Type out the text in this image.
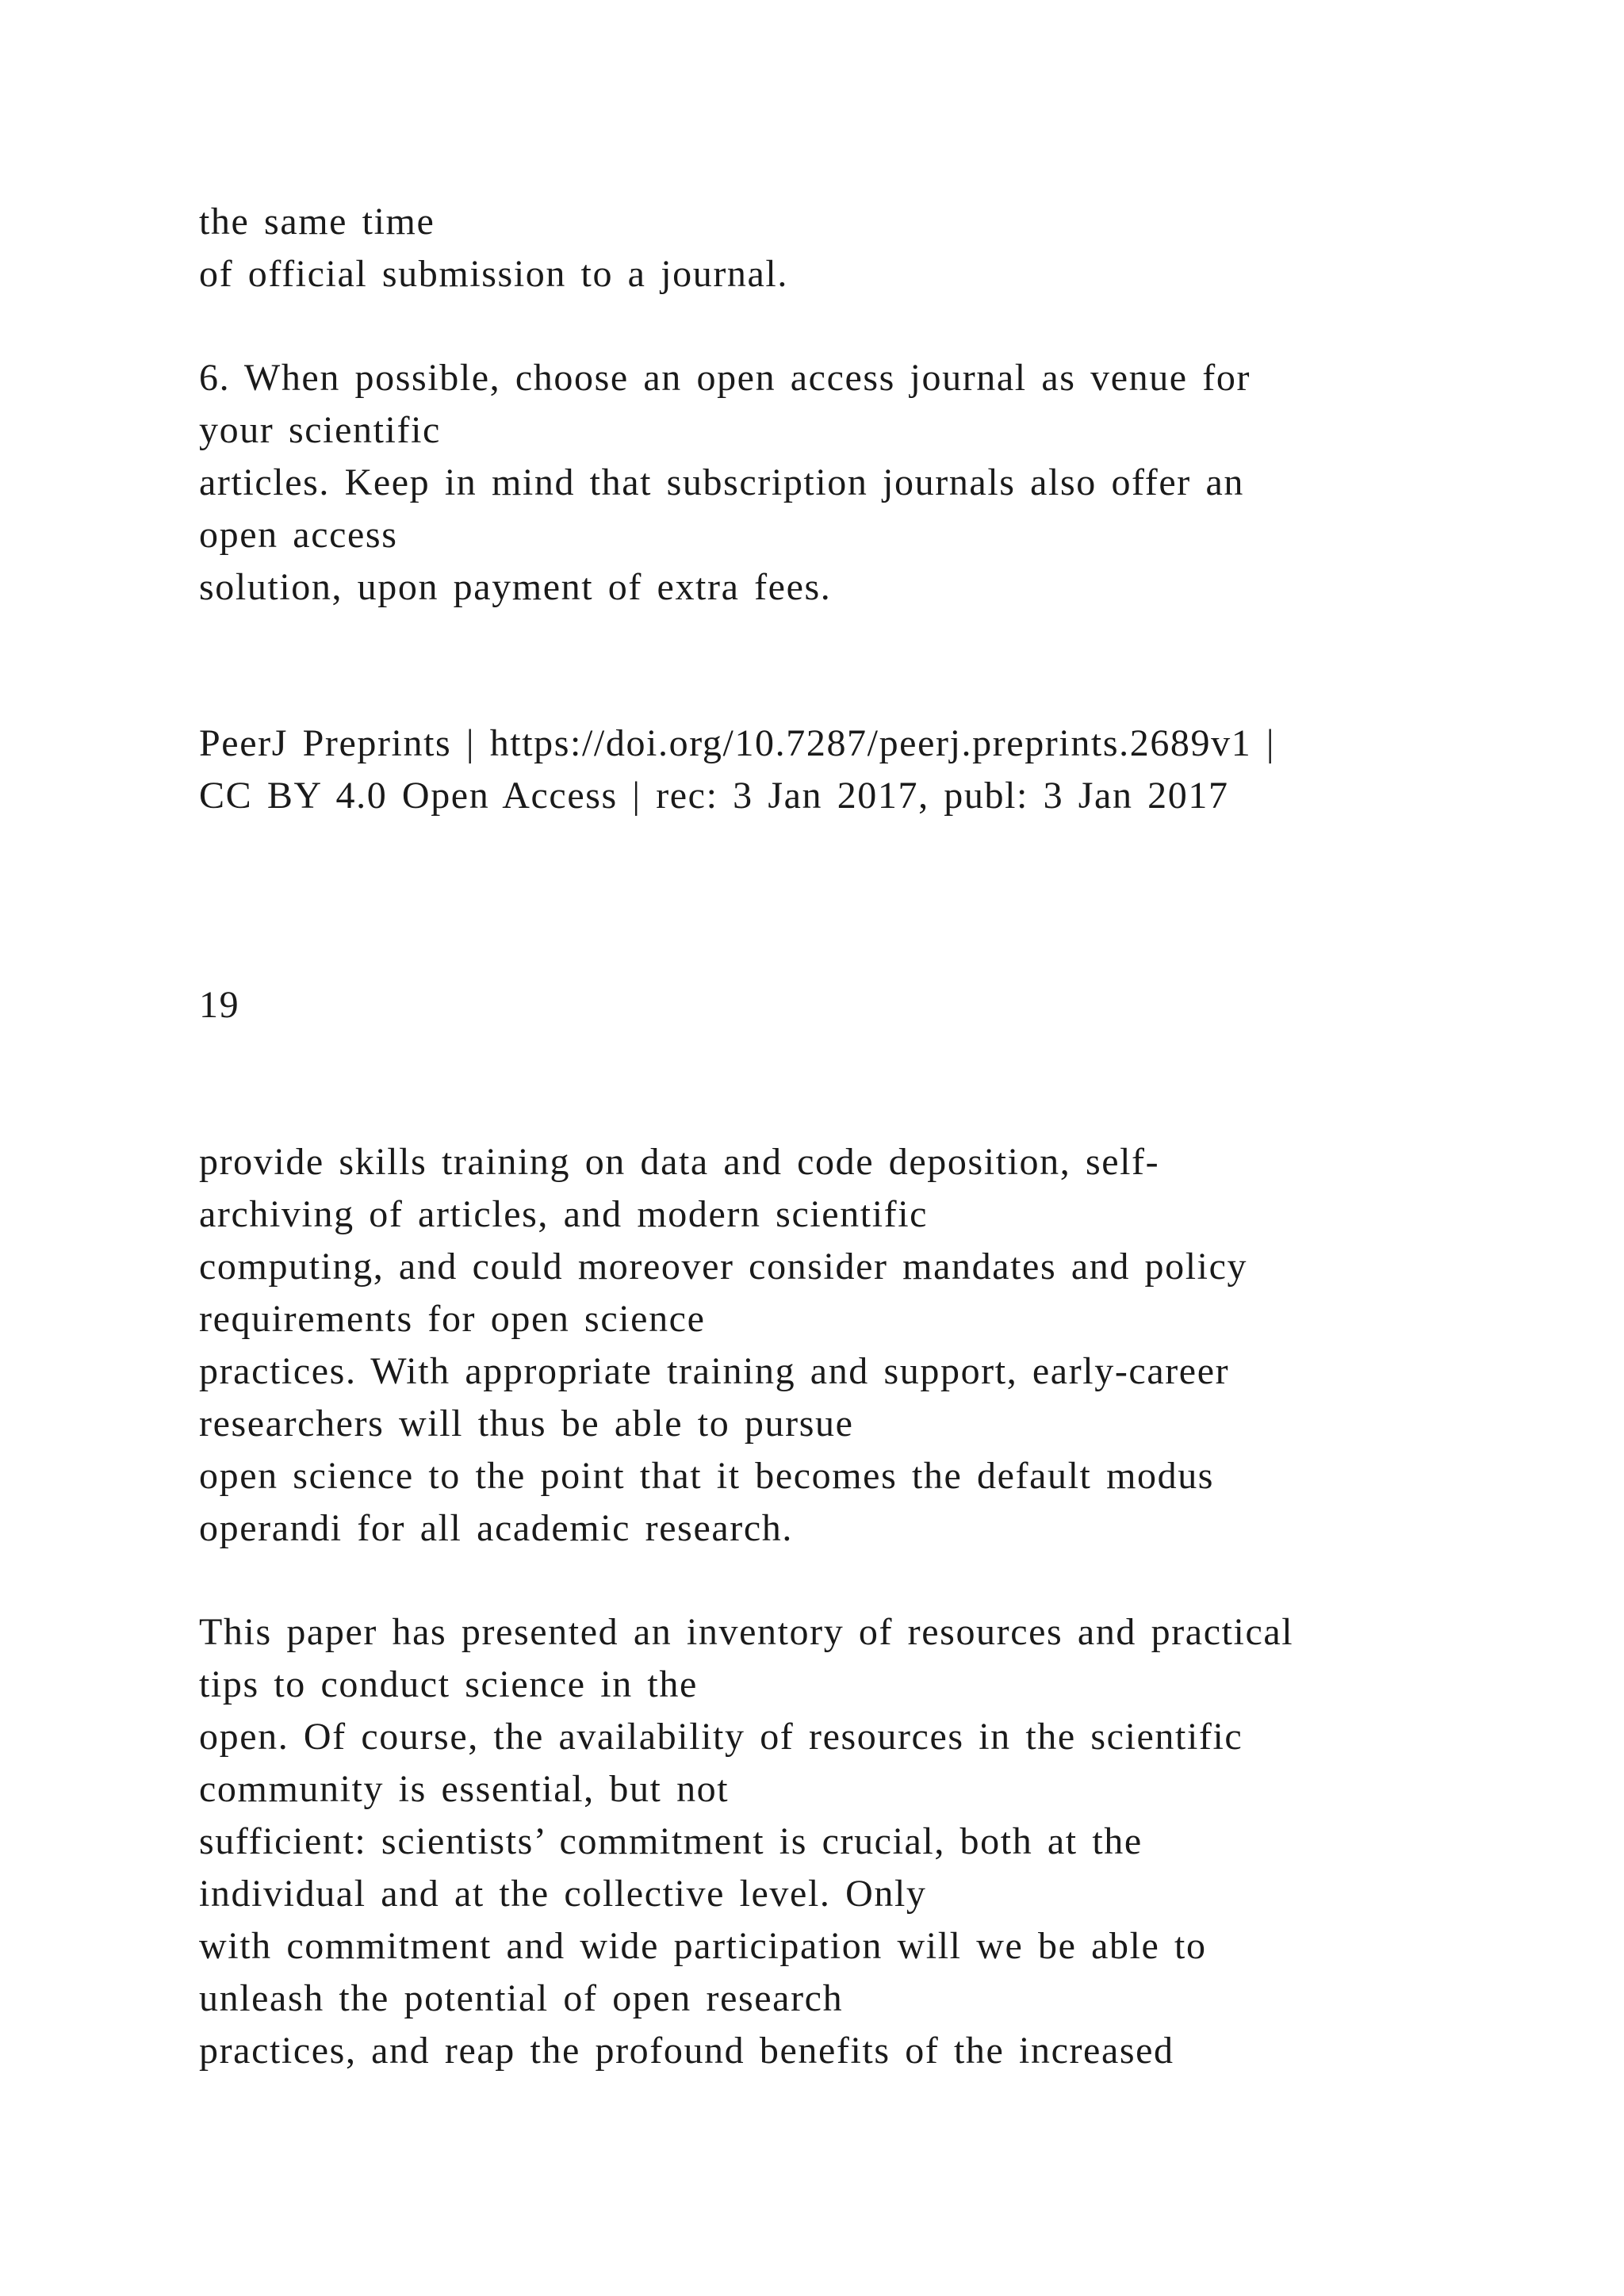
the same time
of official submission to a journal.
6. When possible, choose an open access journal as venue for
your scientific
articles. Keep in mind that subscription journals also offer an
open access
solution, upon payment of extra fees.
PeerJ Preprints | https://doi.org/10.7287/peerj.preprints.2689v1 |
CC BY 4.0 Open Access | rec: 3 Jan 2017, publ: 3 Jan 2017
19
provide skills training on data and code deposition, self-
archiving of articles, and modern scientific
computing, and could moreover consider mandates and policy
requirements for open science
practices. With appropriate training and support, early-career
researchers will thus be able to pursue
open science to the point that it becomes the default modus
operandi for all academic research.
This paper has presented an inventory of resources and practical
tips to conduct science in the
open. Of course, the availability of resources in the scientific
community is essential, but not
sufficient: scientists’ commitment is crucial, both at the
individual and at the collective level. Only
with commitment and wide participation will we be able to
unleash the potential of open research
practices, and reap the profound benefits of the increased
